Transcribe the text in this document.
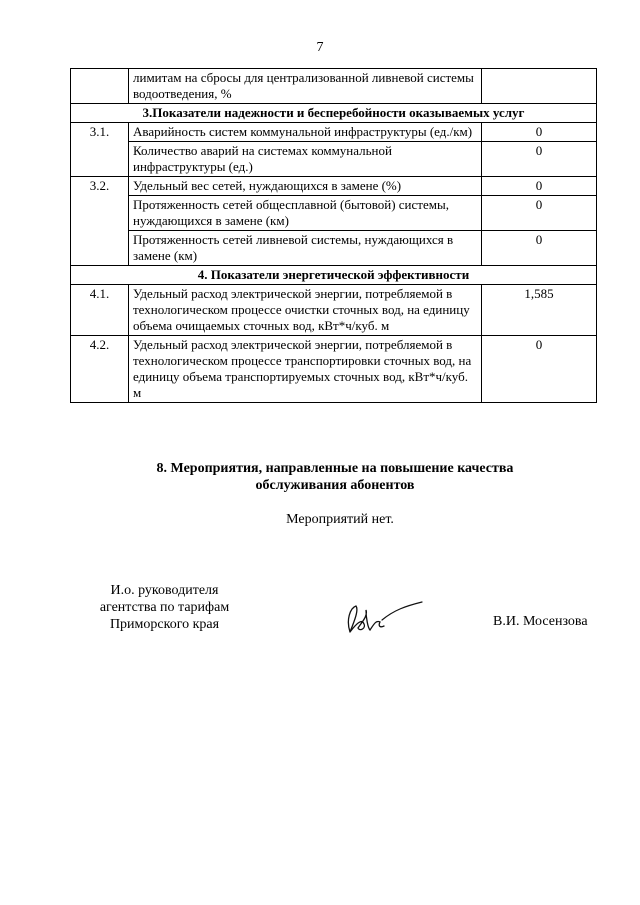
7
	лимитам на сбросы для централизованной ливневой системы водоотведения, %	
3.Показатели надежности и бесперебойности оказываемых услуг		
3.1.	Аварийность систем коммунальной инфраструктуры (ед./км)	0
	Количество аварий на системах коммунальной инфраструктуры (ед.)	0
3.2.	Удельный вес сетей, нуждающихся в замене (%)	0
	Протяженность сетей общесплавной (бытовой) системы, нуждающихся в замене (км)	0
	Протяженность сетей ливневой системы, нуждающихся в замене (км)	0
4. Показатели энергетической эффективности		
4.1.	Удельный расход электрической энергии, потребляемой в технологическом процессе очистки сточных вод, на единицу объема очищаемых сточных вод, кВт*ч/куб. м	1,585
4.2.	Удельный расход электрической энергии, потребляемой в технологическом процессе транспортировки сточных вод, на единицу объема транспортируемых сточных вод, кВт*ч/куб. м	0
8. Мероприятия, направленные на повышение качества
обслуживания абонентов
Мероприятий нет.
И.о. руководителя
агентства по тарифам
Приморского края	В.И. Мосензова
